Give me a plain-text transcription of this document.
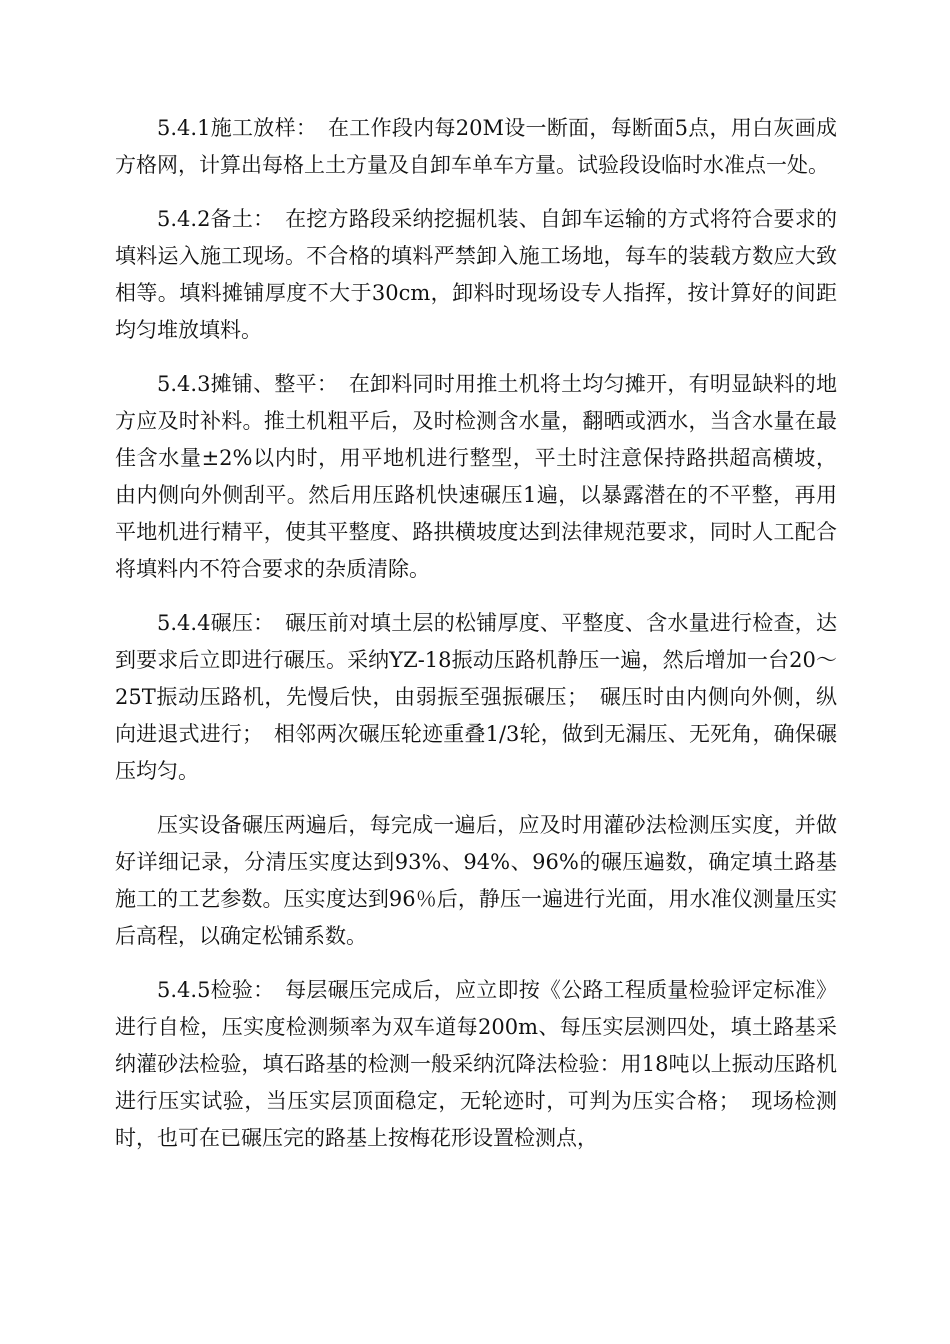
5.4.1施工放样：　在工作段内每20M设一断面，每断面5点，用白灰画成方格网，计算出每格上土方量及自卸车单车方量。试验段设临时水准点一处。

5.4.2备土：　在挖方路段采纳挖掘机装、自卸车运输的方式将符合要求的填料运入施工现场。不合格的填料严禁卸入施工场地，每车的装载方数应大致相等。填料摊铺厚度不大于30cm，卸料时现场设专人指挥，按计算好的间距均匀堆放填料。

5.4.3摊铺、整平：　在卸料同时用推土机将土均匀摊开，有明显缺料的地方应及时补料。推土机粗平后，及时检测含水量，翻晒或洒水，当含水量在最佳含水量±2%以内时，用平地机进行整型，平土时注意保持路拱超高横坡，由内侧向外侧刮平。然后用压路机快速碾压1遍，以暴露潜在的不平整，再用平地机进行精平，使其平整度、路拱横坡度达到法律规范要求，同时人工配合将填料内不符合要求的杂质清除。

5.4.4碾压：　碾压前对填土层的松铺厚度、平整度、含水量进行检查，达到要求后立即进行碾压。采纳YZ-18振动压路机静压一遍，然后增加一台20～25T振动压路机，先慢后快，由弱振至强振碾压；　碾压时由内侧向外侧，纵向进退式进行；　相邻两次碾压轮迹重叠1/3轮，做到无漏压、无死角，确保碾压均匀。

压实设备碾压两遍后，每完成一遍后，应及时用灌砂法检测压实度，并做好详细记录，分清压实度达到93%、94%、96%的碾压遍数，确定填土路基施工的工艺参数。压实度达到96％后，静压一遍进行光面，用水准仪测量压实后高程，以确定松铺系数。

5.4.5检验：　每层碾压完成后，应立即按《公路工程质量检验评定标准》进行自检，压实度检测频率为双车道每200m、每压实层测四处，填土路基采纳灌砂法检验，填石路基的检测一般采纳沉降法检验：用18吨以上振动压路机进行压实试验，当压实层顶面稳定，无轮迹时，可判为压实合格；　现场检测时，也可在已碾压完的路基上按梅花形设置检测点，
